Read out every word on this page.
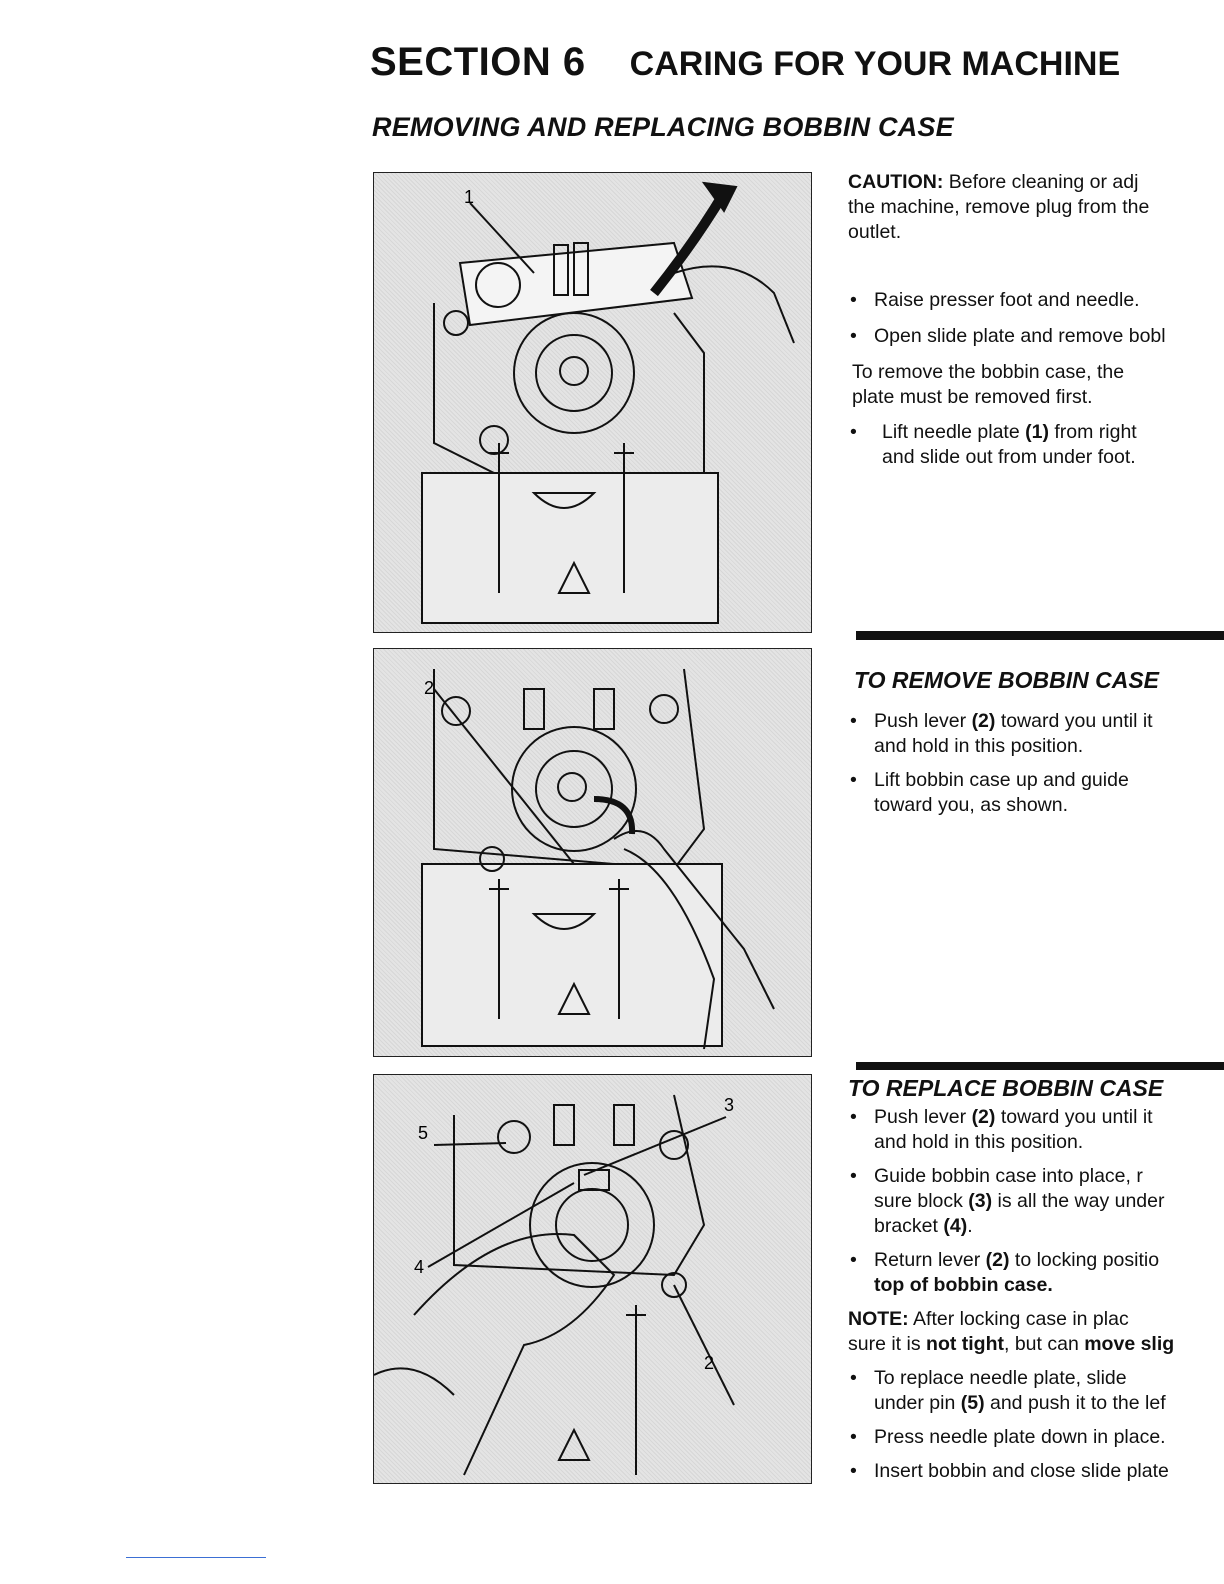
SECTION 6 CARING FOR YOUR MACHINE
REMOVING AND REPLACING BOBBIN CASE
1
2
5
3
4
2

CAUTION: Before cleaning or adj

the machine, remove plug from the

outlet.

• Raise presser foot and needle.

• Open slide plate and remove bobl

To remove the bobbin case, the

plate must be removed first.

• Lift needle plate (1) from right

and slide out from under foot.

TO REMOVE BOBBIN CASE

• Push lever (2) toward you until it

and hold in this position.

• Lift bobbin case up and guide

toward you, as shown.

TO REPLACE BOBBIN CASE

• Push lever (2) toward you until it

and hold in this position.

• Guide bobbin case into place, r

sure block (3) is all the way under

bracket (4).

• Return lever (2) to locking positio

top of bobbin case.

NOTE: After locking case in plac

sure it is not tight, but can move slig

• To replace needle plate, slide

under pin (5) and push it to the lef

• Press needle plate down in place.

• Insert bobbin and close slide plate
